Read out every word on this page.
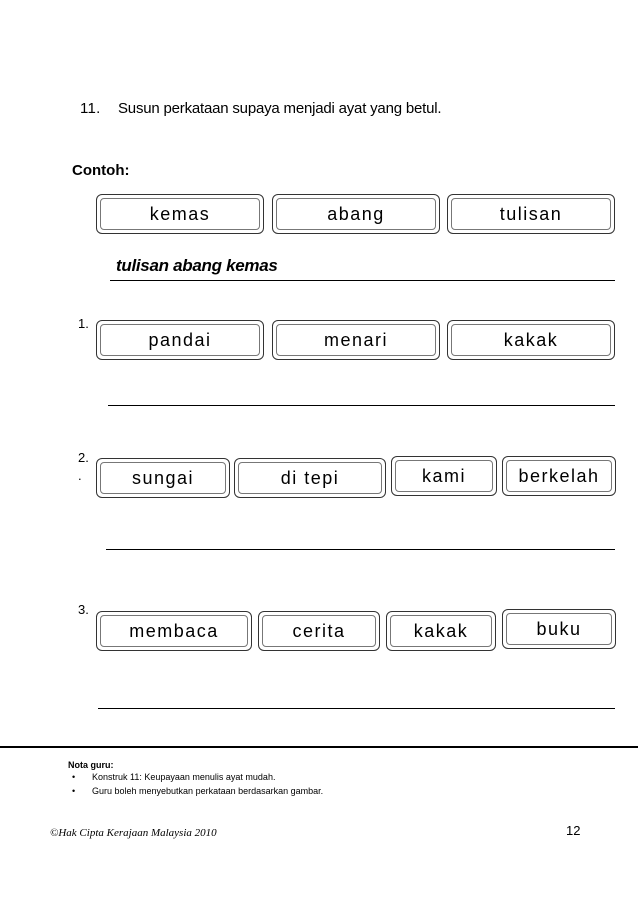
11. Susun perkataan supaya menjadi ayat yang betul.
Contoh:
kemas	abang	tulisan
tulisan abang kemas
1.
pandai	menari	kakak
2.
.	sungai	di tepi	kami	berkelah
3.
membaca	cerita	kakak	buku
Nota guru:
• Konstruk 11: Keupayaan menulis ayat mudah.
• Guru boleh menyebutkan perkataan berdasarkan gambar.
©Hak Cipta Kerajaan Malaysia 2010	12
